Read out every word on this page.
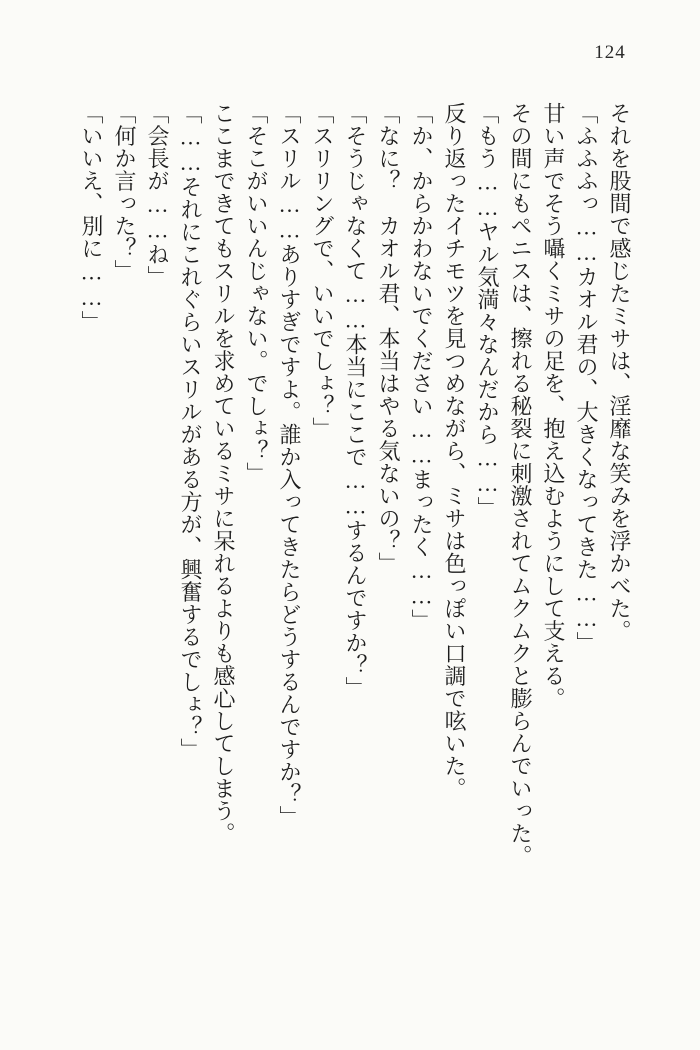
124

それを股間で感じたミサは、淫靡な笑みを浮かべた。

「ふふふっ……カオル君の、大きくなってきた……」

甘い声でそう囁くミサの足を、抱え込むようにして支える。

その間にもペニスは、擦れる秘裂に刺激されてムクムクと膨らんでいった。

「もう……ヤル気満々なんだから……」

反り返ったイチモツを見つめながら、ミサは色っぽい口調で呟いた。

「か、からかわないでください……まったく……」

「なに？　カオル君、本当はやる気ないの？」

「そうじゃなくて……本当にここで……するんですか？」

「スリリングで、いいでしょ？」

「スリル……ありすぎですよ。誰か入ってきたらどうするんですか？」

「そこがいいんじゃない。でしょ？」

ここまできてもスリルを求めているミサに呆れるよりも感心してしまう。

「……それにこれぐらいスリルがある方が、興奮するでしょ？」

「会長が……ね」

「何か言った？」

「いいえ、別に……」
